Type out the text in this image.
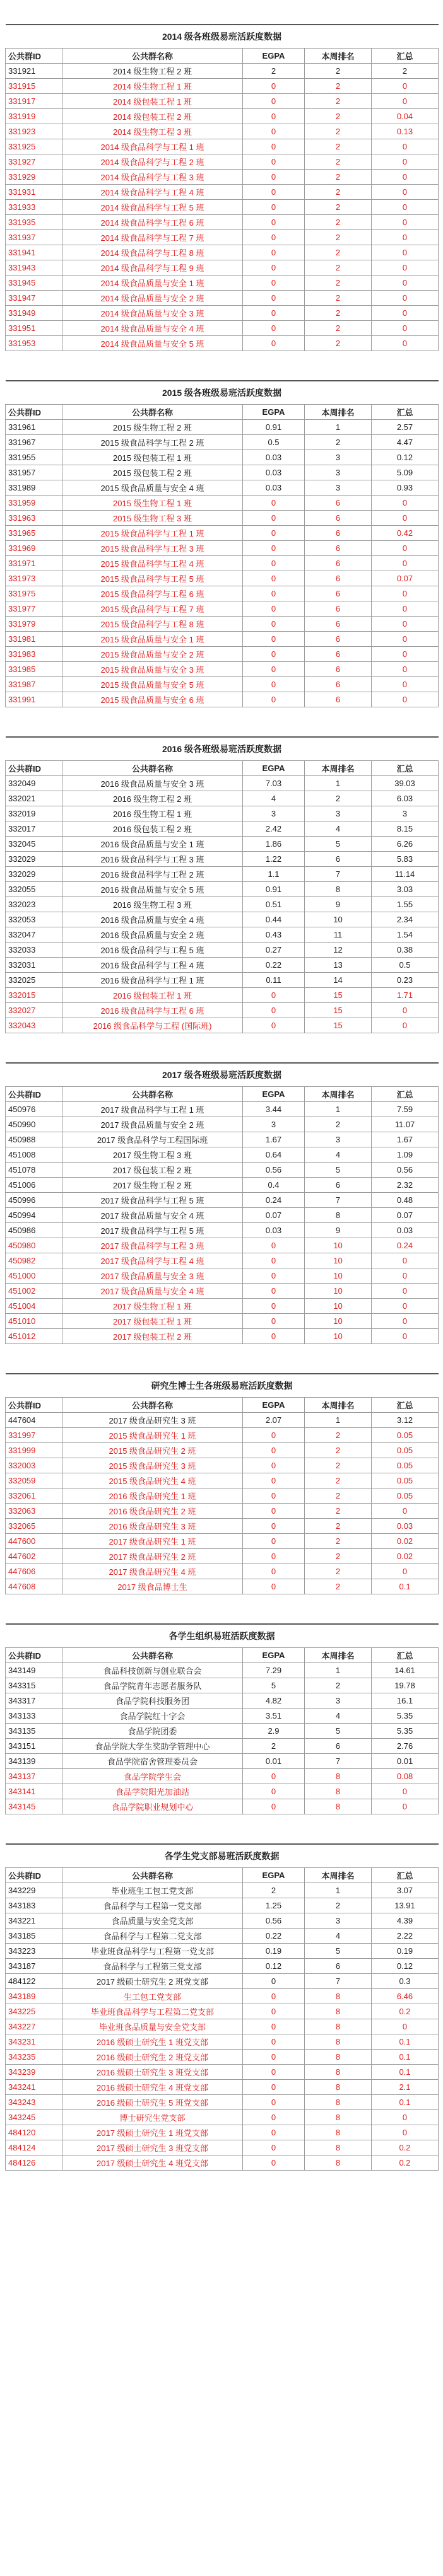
2014 级各班级易班活跃度数据				
公共群ID	公共群名称	EGPA	本周排名	汇总
331921	2014 级生物工程 2 班	2	2	2
331915	2014 级生物工程 1 班	0	2	0
331917	2014 级包装工程 1 班	0	2	0
331919	2014 级包装工程 2 班	0	2	0.04
331923	2014 级生物工程 3 班	0	2	0.13
331925	2014 级食品科学与工程 1 班	0	2	0
331927	2014 级食品科学与工程 2 班	0	2	0
331929	2014 级食品科学与工程 3 班	0	2	0
331931	2014 级食品科学与工程 4 班	0	2	0
331933	2014 级食品科学与工程 5 班	0	2	0
331935	2014 级食品科学与工程 6 班	0	2	0
331937	2014 级食品科学与工程 7 班	0	2	0
331941	2014 级食品科学与工程 8 班	0	2	0
331943	2014 级食品科学与工程 9 班	0	2	0
331945	2014 级食品质量与安全 1 班	0	2	0
331947	2014 级食品质量与安全 2 班	0	2	0
331949	2014 级食品质量与安全 3 班	0	2	0
331951	2014 级食品质量与安全 4 班	0	2	0
331953	2014 级食品质量与安全 5 班	0	2	0
2015 级各班级易班活跃度数据				
公共群ID	公共群名称	EGPA	本周排名	汇总
331961	2015 级生物工程 2 班	0.91	1	2.57
331967	2015 级食品科学与工程 2 班	0.5	2	4.47
331955	2015 级包装工程 1 班	0.03	3	0.12
331957	2015 级包装工程 2 班	0.03	3	5.09
331989	2015 级食品质量与安全 4 班	0.03	3	0.93
331959	2015 级生物工程 1 班	0	6	0
331963	2015 级生物工程 3 班	0	6	0
331965	2015 级食品科学与工程 1 班	0	6	0.42
331969	2015 级食品科学与工程 3 班	0	6	0
331971	2015 级食品科学与工程 4 班	0	6	0
331973	2015 级食品科学与工程 5 班	0	6	0.07
331975	2015 级食品科学与工程 6 班	0	6	0
331977	2015 级食品科学与工程 7 班	0	6	0
331979	2015 级食品科学与工程 8 班	0	6	0
331981	2015 级食品质量与安全 1 班	0	6	0
331983	2015 级食品质量与安全 2 班	0	6	0
331985	2015 级食品质量与安全 3 班	0	6	0
331987	2015 级食品质量与安全 5 班	0	6	0
331991	2015 级食品质量与安全 6 班	0	6	0
2016 级各班级易班活跃度数据				
公共群ID	公共群名称	EGPA	本周排名	汇总
332049	2016 级食品质量与安全 3 班	7.03	1	39.03
332021	2016 级生物工程 2 班	4	2	6.03
332019	2016 级生物工程 1 班	3	3	3
332017	2016 级包装工程 2 班	2.42	4	8.15
332045	2016 级食品质量与安全 1 班	1.86	5	6.26
332029	2016 级食品科学与工程 3 班	1.22	6	5.83
332029	2016 级食品科学与工程 2 班	1.1	7	11.14
332055	2016 级食品质量与安全 5 班	0.91	8	3.03
332023	2016 级生物工程 3 班	0.51	9	1.55
332053	2016 级食品质量与安全 4 班	0.44	10	2.34
332047	2016 级食品质量与安全 2 班	0.43	11	1.54
332033	2016 级食品科学与工程 5 班	0.27	12	0.38
332031	2016 级食品科学与工程 4 班	0.22	13	0.5
332025	2016 级食品科学与工程 1 班	0.11	14	0.23
332015	2016 级包装工程 1 班	0	15	1.71
332027	2016 级食品科学与工程 6 班	0	15	0
332043	2016 级食品科学与工程 (国际班)	0	15	0
2017 级各班级易班活跃度数据				
公共群ID	公共群名称	EGPA	本周排名	汇总
450976	2017 级食品科学与工程 1 班	3.44	1	7.59
450990	2017 级食品质量与安全 2 班	3	2	11.07
450988	2017 级食品科学与工程国际班	1.67	3	1.67
451008	2017 级生物工程 3 班	0.64	4	1.09
451078	2017 级包装工程 2 班	0.56	5	0.56
451006	2017 级生物工程 2 班	0.4	6	2.32
450996	2017 级食品科学与工程 5 班	0.24	7	0.48
450994	2017 级食品质量与安全 4 班	0.07	8	0.07
450986	2017 级食品科学与工程 5 班	0.03	9	0.03
450980	2017 级食品科学与工程 3 班	0	10	0.24
450982	2017 级食品科学与工程 4 班	0	10	0
451000	2017 级食品质量与安全 3 班	0	10	0
451002	2017 级食品质量与安全 4 班	0	10	0
451004	2017 级生物工程 1 班	0	10	0
451010	2017 级包装工程 1 班	0	10	0
451012	2017 级包装工程 2 班	0	10	0
研究生博士生各班级易班活跃度数据				
公共群ID	公共群名称	EGPA	本周排名	汇总
447604	2017 级食品研究生 3 班	2.07	1	3.12
331997	2015 级食品研究生 1 班	0	2	0.05
331999	2015 级食品研究生 2 班	0	2	0.05
332003	2015 级食品研究生 3 班	0	2	0.05
332059	2015 级食品研究生 4 班	0	2	0.05
332061	2016 级食品研究生 1 班	0	2	0.05
332063	2016 级食品研究生 2 班	0	2	0
332065	2016 级食品研究生 3 班	0	2	0.03
447600	2017 级食品研究生 1 班	0	2	0.02
447602	2017 级食品研究生 2 班	0	2	0.02
447606	2017 级食品研究生 4 班	0	2	0
447608	2017 级食品博士生	0	2	0.1
各学生组织易班活跃度数据				
公共群ID	公共群名称	EGPA	本周排名	汇总
343149	食品科技创新与创业联合会	7.29	1	14.61
343315	食品学院青年志愿者服务队	5	2	19.78
343317	食品学院科技服务团	4.82	3	16.1
343133	食品学院红十字会	3.51	4	5.35
343135	食品学院团委	2.9	5	5.35
343151	食品学院大学生奖助学管理中心	2	6	2.76
343139	食品学院宿舍管理委员会	0.01	7	0.01
343137	食品学院学生会	0	8	0.08
343141	食品学院阳光加油站	0	8	0
343145	食品学院职业规划中心	0	8	0
各学生党支部易班活跃度数据				
公共群ID	公共群名称	EGPA	本周排名	汇总
343229	毕业班生工包工党支部	2	1	3.07
343183	食品科学与工程第一党支部	1.25	2	13.91
343221	食品质量与安全党支部	0.56	3	4.39
343185	食品科学与工程第二党支部	0.22	4	2.22
343223	毕业班食品科学与工程第一党支部	0.19	5	0.19
343187	食品科学与工程第三党支部	0.12	6	0.12
484122	2017 级硕士研究生 2 班党支部	0	7	0.3
343189	生工包工党支部	0	8	6.46
343225	毕业班食品科学与工程第二党支部	0	8	0.2
343227	毕业班食品质量与安全党支部	0	8	0
343231	2016 级硕士研究生 1 班党支部	0	8	0.1
343235	2016 级硕士研究生 2 班党支部	0	8	0.1
343239	2016 级硕士研究生 3 班党支部	0	8	0.1
343241	2016 级硕士研究生 4 班党支部	0	8	2.1
343243	2016 级硕士研究生 5 班党支部	0	8	0.1
343245	博士研究生党支部	0	8	0
484120	2017 级硕士研究生 1 班党支部	0	8	0
484124	2017 级硕士研究生 3 班党支部	0	8	0.2
484126	2017 级硕士研究生 4 班党支部	0	8	0.2
